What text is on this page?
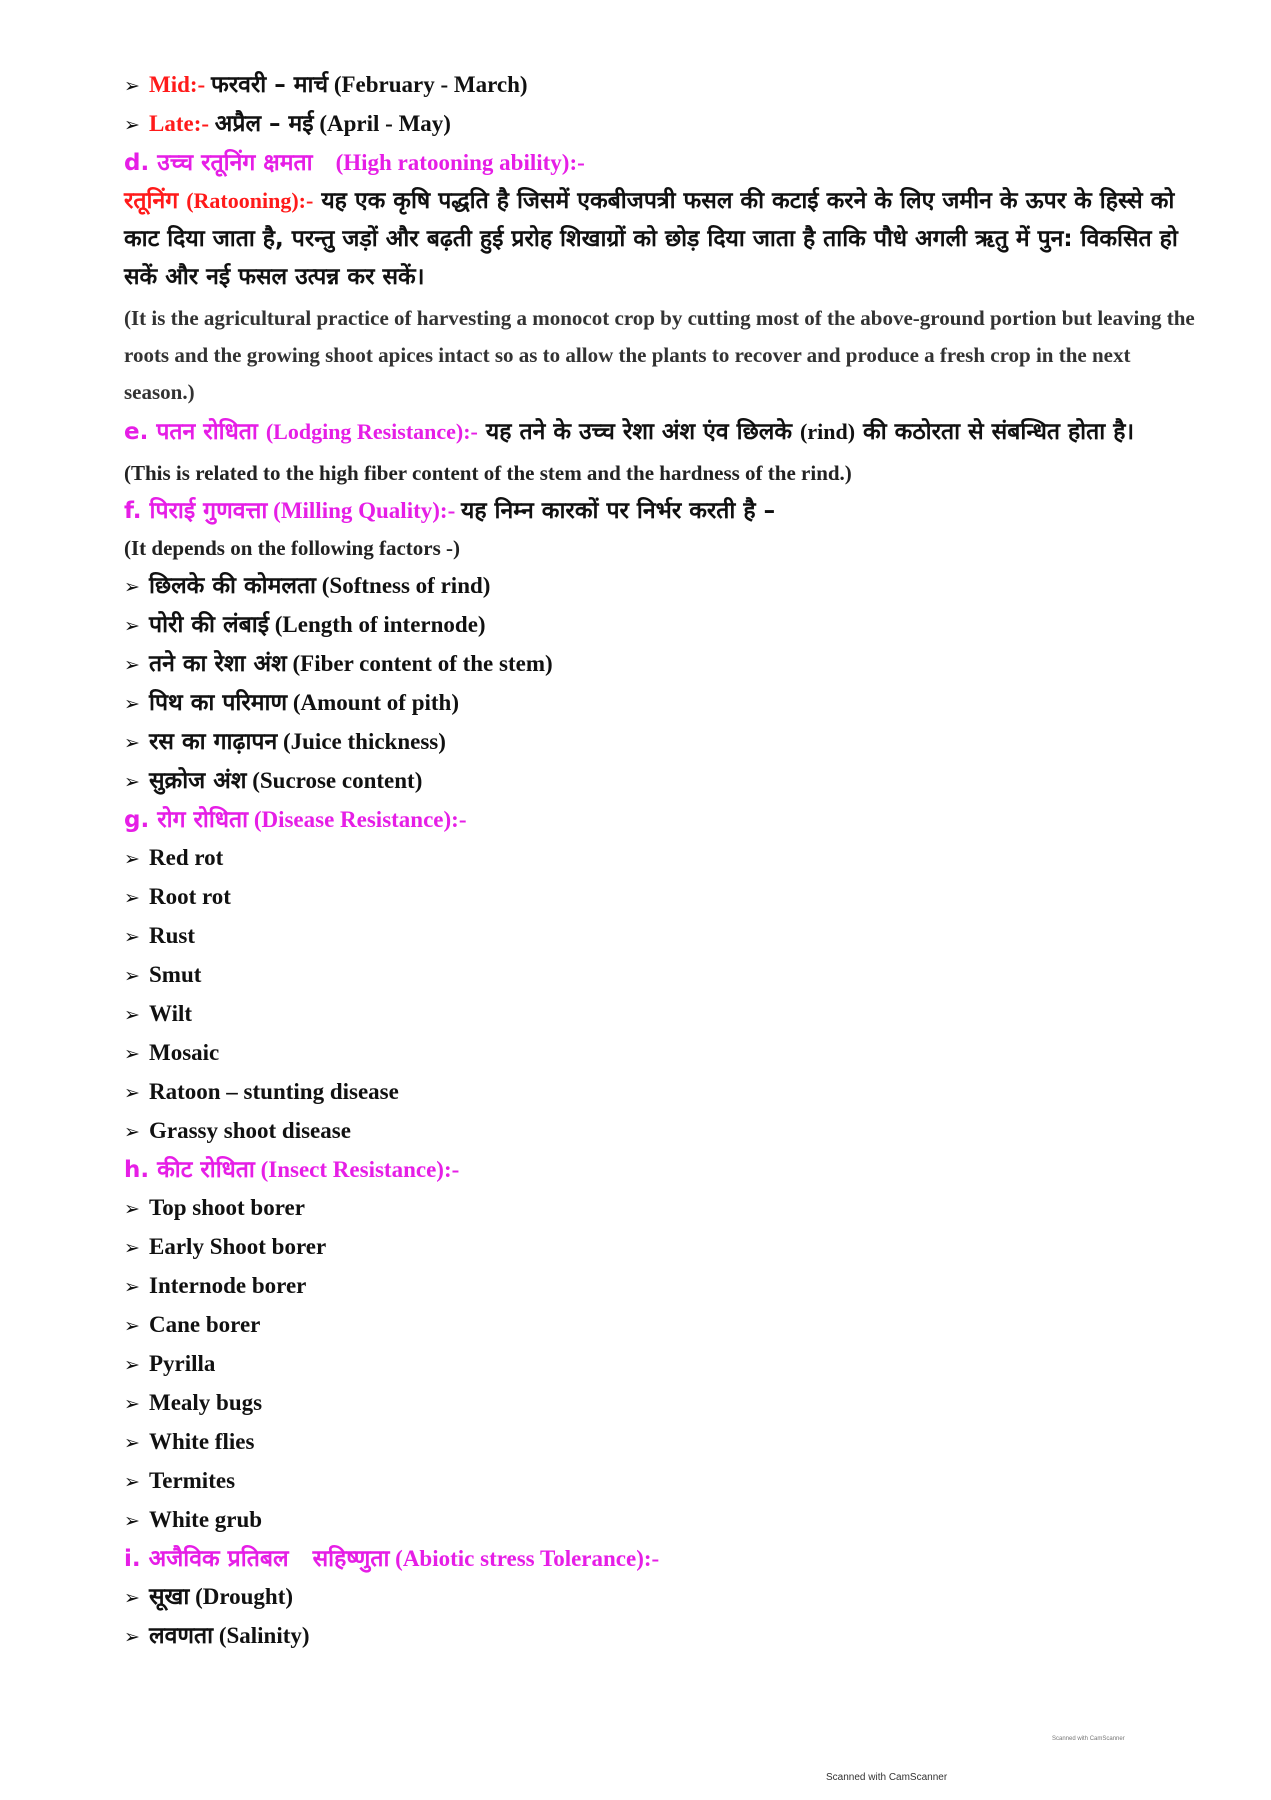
➢ Mid:- फरवरी – मार्च (February - March)
➢ Late:- अप्रैल – मई (April - May)
d. उच्च रतूनिंग क्षमता (High ratooning ability):-
रतूनिंग (Ratooning):- यह एक कृषि पद्धति है जिसमें एकबीजपत्री फसल की कटाई करने के लिए जमीन के ऊपर के हिस्से को काट दिया जाता है, परन्तु जड़ों और बढ़ती हुई प्ररोह शिखाग्रों को छोड़ दिया जाता है ताकि पौधे अगली ऋतु में पुन: विकसित हो सकें और नई फसल उत्पन्न कर सकें।
(It is the agricultural practice of harvesting a monocot crop by cutting most of the above-ground portion but leaving the roots and the growing shoot apices intact so as to allow the plants to recover and produce a fresh crop in the next season.)
e. पतन रोधिता (Lodging Resistance):- यह तने के उच्च रेशा अंश एंव छिलके (rind) की कठोरता से संबन्धित होता है।
(This is related to the high fiber content of the stem and the hardness of the rind.)
f. पिराई गुणवत्ता (Milling Quality):- यह निम्न कारकों पर निर्भर करती है –
(It depends on the following factors -)
➢ छिलके की कोमलता (Softness of rind)
➢ पोरी की लंबाई (Length of internode)
➢ तने का रेशा अंश (Fiber content of the stem)
➢ पिथ का परिमाण (Amount of pith)
➢ रस का गाढ़ापन (Juice thickness)
➢ सुक्रोज अंश (Sucrose content)
g. रोग रोधिता (Disease Resistance):-
➢ Red rot
➢ Root rot
➢ Rust
➢ Smut
➢ Wilt
➢ Mosaic
➢ Ratoon – stunting disease
➢ Grassy shoot disease
h. कीट रोधिता (Insect Resistance):-
➢ Top shoot borer
➢ Early Shoot borer
➢ Internode borer
➢ Cane borer
➢ Pyrilla
➢ Mealy bugs
➢ White flies
➢ Termites
➢ White grub
i. अजैविक प्रतिबल   सहिष्णुता (Abiotic stress Tolerance):-
➢ सूखा (Drought)
➢ लवणता (Salinity)
Scanned with CamScanner
Scanned with CamScanner
